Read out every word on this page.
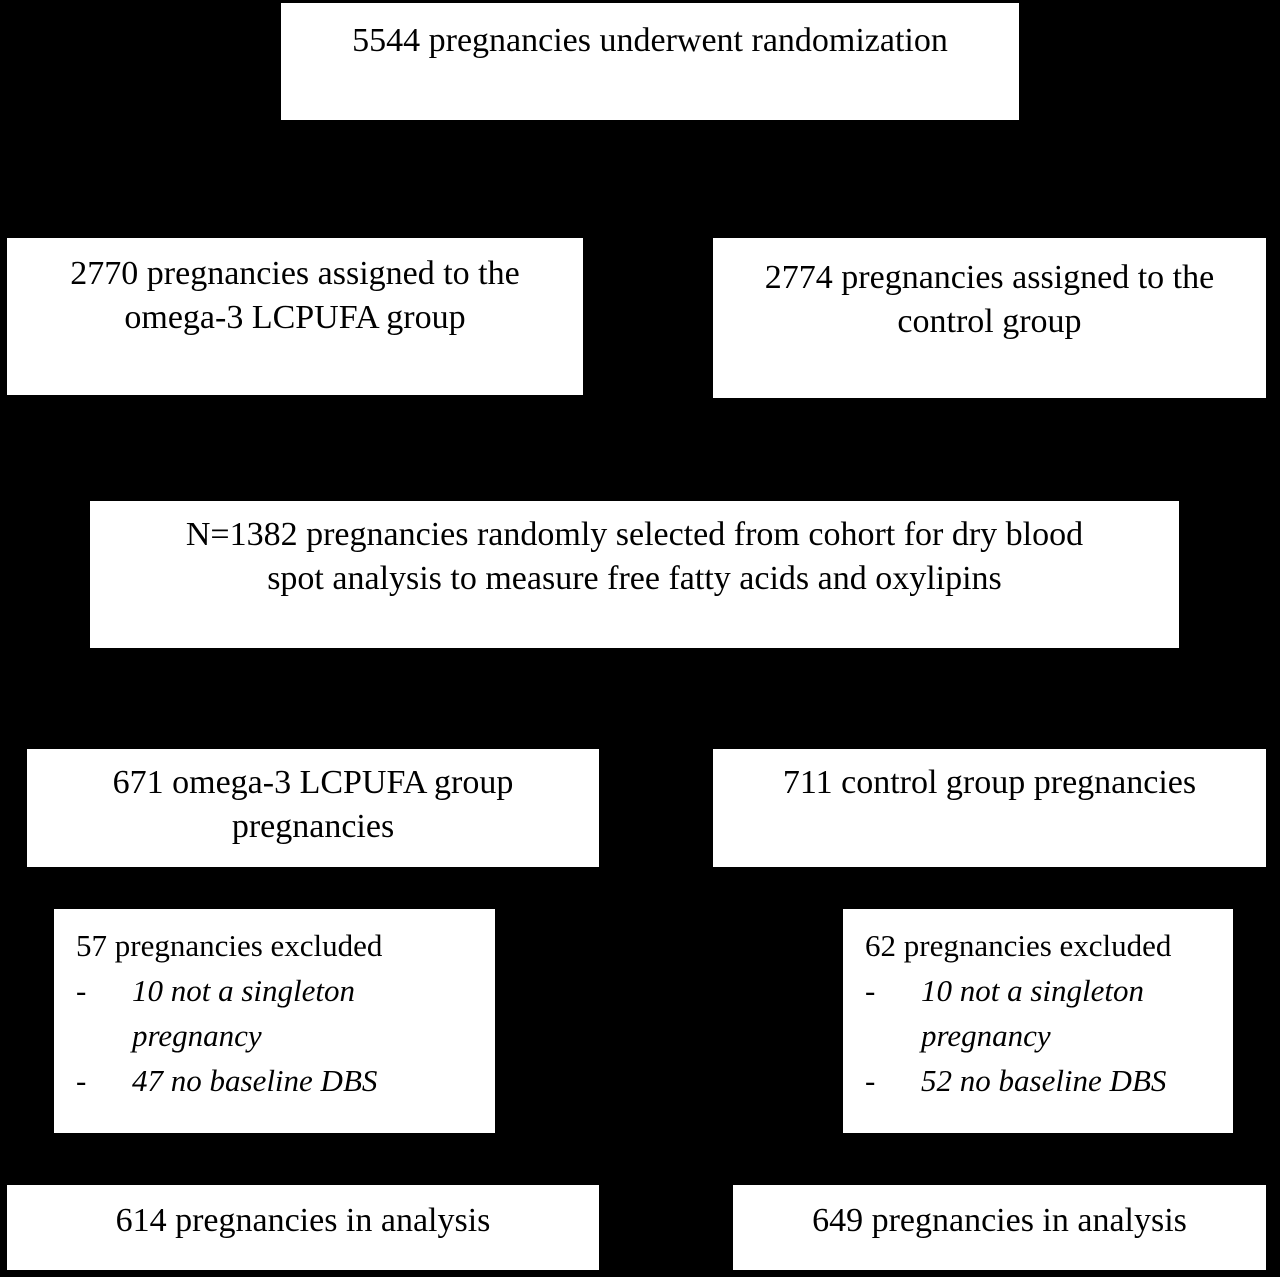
5544 pregnancies underwent randomization
2770 pregnancies assigned to the
omega-3 LCPUFA group
2774 pregnancies assigned to the
control group
N=1382 pregnancies randomly selected from cohort for dry blood
spot analysis to measure free fatty acids and oxylipins
671 omega-3 LCPUFA group
pregnancies
711 control group pregnancies
57 pregnancies excluded
- 10 not a singleton
pregnancy
- 47 no baseline DBS
62 pregnancies excluded
- 10 not a singleton
pregnancy
- 52 no baseline DBS
614 pregnancies in analysis	649 pregnancies in analysis
